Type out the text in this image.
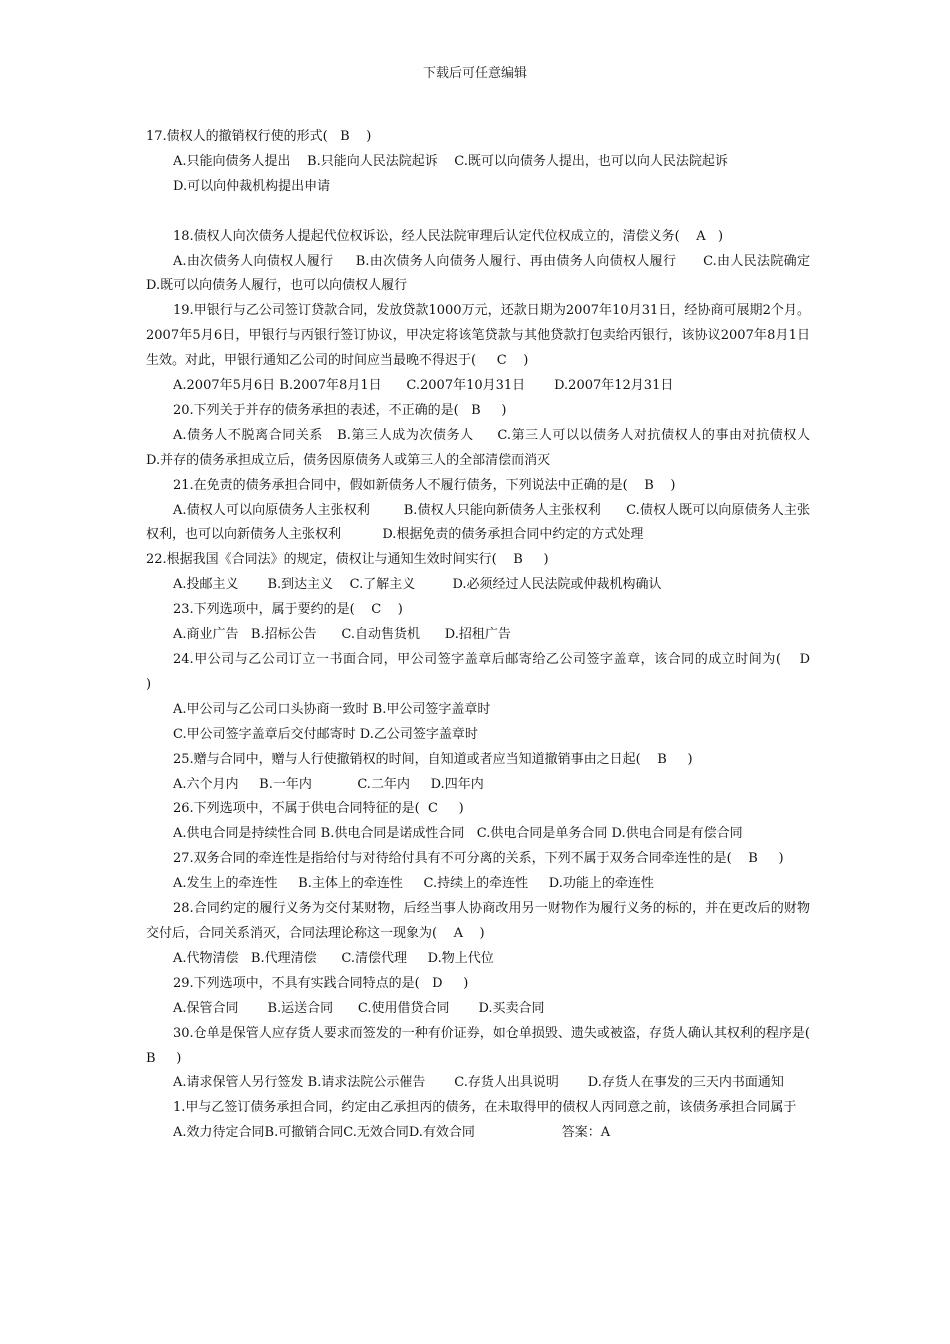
下载后可任意编辑

17.债权人的撤销权行使的形式(   B    )

A.只能向债务人提出    B.只能向人民法院起诉    C.既可以向债务人提出，也可以向人民法院起诉

D.可以向仲裁机构提出申请

18.债权人向次债务人提起代位权诉讼，经人民法院审理后认定代位权成立的，清偿义务(    A   )

A.由次债务人向债权人履行     B.由次债务人向债务人履行、再由债务人向债权人履行      C.由人民法院确定        D.既可以向债务人履行，也可以向债权人履行

19.甲银行与乙公司签订贷款合同，发放贷款1000万元，还款日期为2007年10月31日，经协商可展期2个月。2007年5月6日，甲银行与丙银行签订协议，甲决定将该笔贷款与其他贷款打包卖给丙银行，该协议2007年8月1日生效。对此，甲银行通知乙公司的时间应当最晚不得迟于(     C    )

A.2007年5月6日 B.2007年8月1日      C.2007年10月31日       D.2007年12月31日

20.下列关于并存的债务承担的表述，不正确的是(   B     )

A.债务人不脱离合同关系   B.第三人成为次债务人     C.第三人可以以债务人对抗债权人的事由对抗债权人       D.并存的债务承担成立后，债务因原债务人或第三人的全部清偿而消灭

21.在免责的债务承担合同中，假如新债务人不履行债务，下列说法中正确的是(    B    )

A.债权人可以向原债务人主张权利        B.债权人只能向新债务人主张权利      C.债权人既可以向原债务人主张权利，也可以向新债务人主张权利          D.根据免责的债务承担合同中约定的方式处理

22.根据我国《合同法》的规定，债权让与通知生效时间实行(    B     )

A.投邮主义       B.到达主义    C.了解主义         D.必须经过人民法院或仲裁机构确认

23.下列选项中，属于要约的是(    C    )

A.商业广告   B.招标公告      C.自动售货机      D.招租广告

24.甲公司与乙公司订立一书面合同，甲公司签字盖章后邮寄给乙公司签字盖章，该合同的成立时间为(    D     )

A.甲公司与乙公司口头协商一致时 B.甲公司签字盖章时

C.甲公司签字盖章后交付邮寄时 D.乙公司签字盖章时

25.赠与合同中，赠与人行使撤销权的时间，自知道或者应当知道撤销事由之日起(    B     )

A.六个月内     B.一年内           C.二年内     D.四年内

26.下列选项中，不属于供电合同特征的是(  C     )

A.供电合同是持续性合同 B.供电合同是诺成性合同   C.供电合同是单务合同 D.供电合同是有偿合同

27.双务合同的牵连性是指给付与对待给付具有不可分离的关系，下列不属于双务合同牵连性的是(    B     )

A.发生上的牵连性     B.主体上的牵连性     C.持续上的牵连性     D.功能上的牵连性

28.合同约定的履行义务为交付某财物，后经当事人协商改用另一财物作为履行义务的标的，并在更改后的财物交付后，合同关系消灭，合同法理论称这一现象为(    A    )

A.代物清偿   B.代理清偿      C.清偿代理     D.物上代位

29.下列选项中，不具有实践合同特点的是(   D     )

A.保管合同       B.运送合同      C.使用借贷合同       D.买卖合同

30.仓单是保管人应存货人要求而签发的一种有价证券，如仓单损毁、遗失或被盗，存货人确认其权利的程序是(   B     )

A.请求保管人另行签发 B.请求法院公示催告       C.存货人出具说明       D.存货人在事发的三天内书面通知

1.甲与乙签订债务承担合同，约定由乙承担丙的债务，在未取得甲的债权人丙同意之前，该债务承担合同属于

A.效力待定合同B.可撤销合同C.无效合同D.有效合同                     答案：A
